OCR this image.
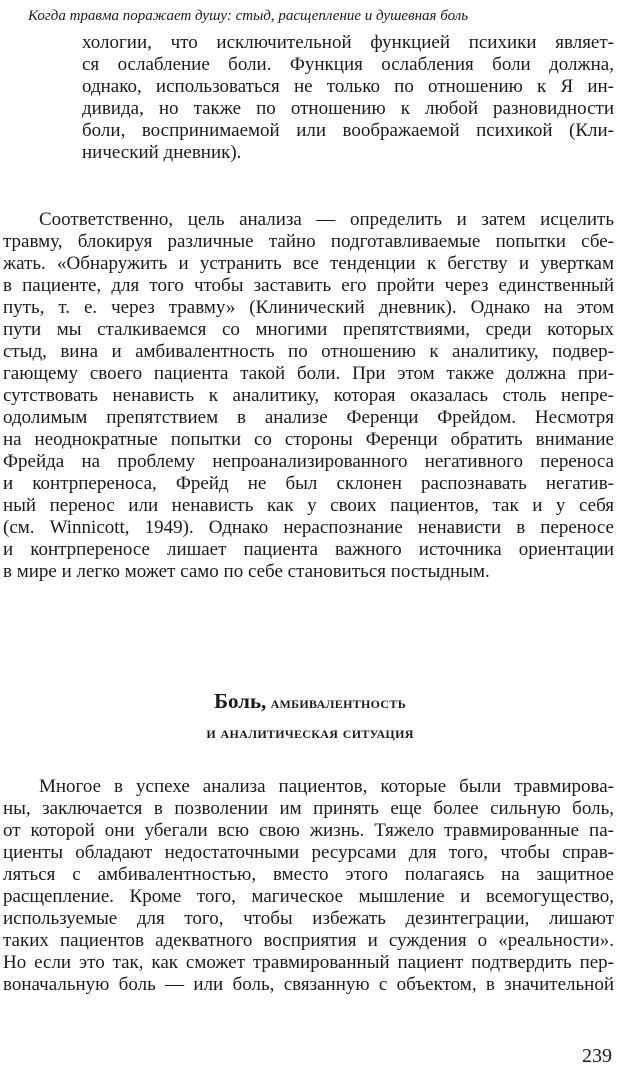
Когда травма поражает душу: стыд, расщепление и душевная боль
хологии, что исключительной функцией психики являет-
ся ослабление боли. Функция ослабления боли должна,
однако, использоваться не только по отношению к Я ин-
дивида, но также по отношению к любой разновидности
боли, воспринимаемой или воображаемой психикой (Кли-
нический дневник).
Соответственно, цель анализа — определить и затем исцелить
травму, блокируя различные тайно подготавливаемые попытки сбе-
жать. «Обнаружить и устранить все тенденции к бегству и уверткам
в пациенте, для того чтобы заставить его пройти через единственный
путь, т. е. через травму» (Клинический дневник). Однако на этом
пути мы сталкиваемся со многими препятствиями, среди которых
стыд, вина и амбивалентность по отношению к аналитику, подвер-
гающему своего пациента такой боли. При этом также должна при-
сутствовать ненависть к аналитику, которая оказалась столь непре-
одолимым препятствием в анализе Ференци Фрейдом. Несмотря
на неоднократные попытки со стороны Ференци обратить внимание
Фрейда на проблему непроанализированного негативного переноса
и контрпереноса, Фрейд не был склонен распознавать негатив-
ный перенос или ненависть как у своих пациентов, так и у себя
(см. Winnicott, 1949). Однако нераспознание ненависти в переносе
и контрпереносе лишает пациента важного источника ориентации
в мире и легко может само по себе становиться постыдным.
Боль, амбивалентность
и аналитическая ситуация
Многое в успехе анализа пациентов, которые были травмирова-
ны, заключается в позволении им принять еще более сильную боль,
от которой они убегали всю свою жизнь. Тяжело травмированные па-
циенты обладают недостаточными ресурсами для того, чтобы справ-
ляться с амбивалентностью, вместо этого полагаясь на защитное
расщепление. Кроме того, магическое мышление и всемогущество,
используемые для того, чтобы избежать дезинтеграции, лишают
таких пациентов адекватного восприятия и суждения о «реальности».
Но если это так, как сможет травмированный пациент подтвердить пер-
воначальную боль — или боль, связанную с объектом, в значительной
239
